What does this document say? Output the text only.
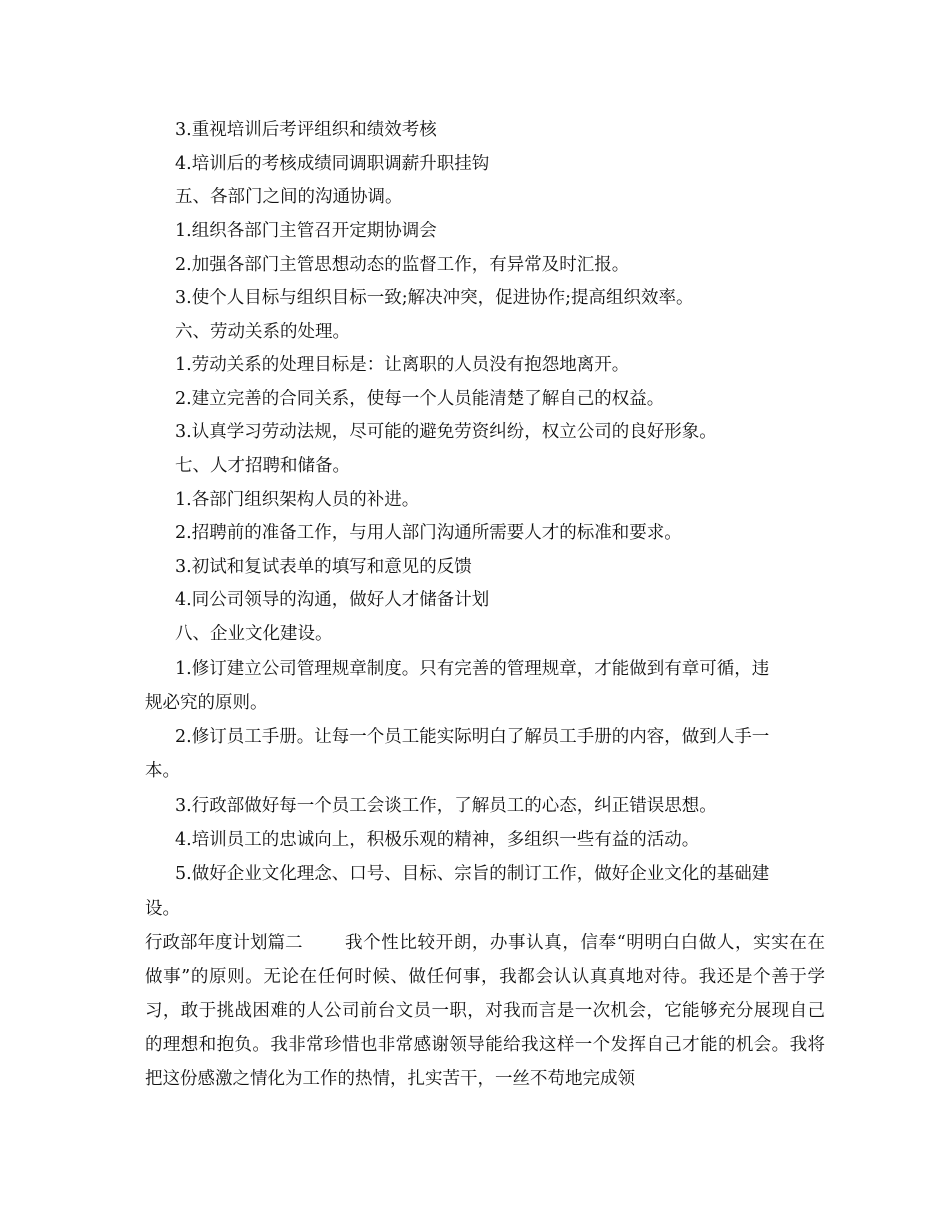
3.重视培训后考评组织和绩效考核
4.培训后的考核成绩同调职调薪升职挂钩
五、各部门之间的沟通协调。
1.组织各部门主管召开定期协调会
2.加强各部门主管思想动态的监督工作，有异常及时汇报。
3.使个人目标与组织目标一致;解决冲突，促进协作;提高组织效率。
六、劳动关系的处理。
1.劳动关系的处理目标是：让离职的人员没有抱怨地离开。
2.建立完善的合同关系，使每一个人员能清楚了解自己的权益。
3.认真学习劳动法规，尽可能的避免劳资纠纷，权立公司的良好形象。
七、人才招聘和储备。
1.各部门组织架构人员的补进。
2.招聘前的准备工作，与用人部门沟通所需要人才的标准和要求。
3.初试和复试表单的填写和意见的反馈
4.同公司领导的沟通，做好人才储备计划
八、企业文化建设。
1.修订建立公司管理规章制度。只有完善的管理规章，才能做到有章可循，违
规必究的原则。
2.修订员工手册。让每一个员工能实际明白了解员工手册的内容，做到人手一
本。
3.行政部做好每一个员工会谈工作，了解员工的心态，纠正错误思想。
4.培训员工的忠诚向上，积极乐观的精神，多组织一些有益的活动。
5.做好企业文化理念、口号、目标、宗旨的制订工作，做好企业文化的基础建
设。
行政部年度计划篇二	我个性比较开朗，办事认真，信奉“明明白白做人，实实在在做事”的原则。无论在任何时候、做任何事，我都会认认真真地对待。我还是个善于学习，敢于挑战困难的人公司前台文员一职，对我而言是一次机会，它能够充分展现自己的理想和抱负。我非常珍惜也非常感谢领导能给我这样一个发挥自己才能的机会。我将把这份感激之情化为工作的热情，扎实苦干，一丝不苟地完成领
